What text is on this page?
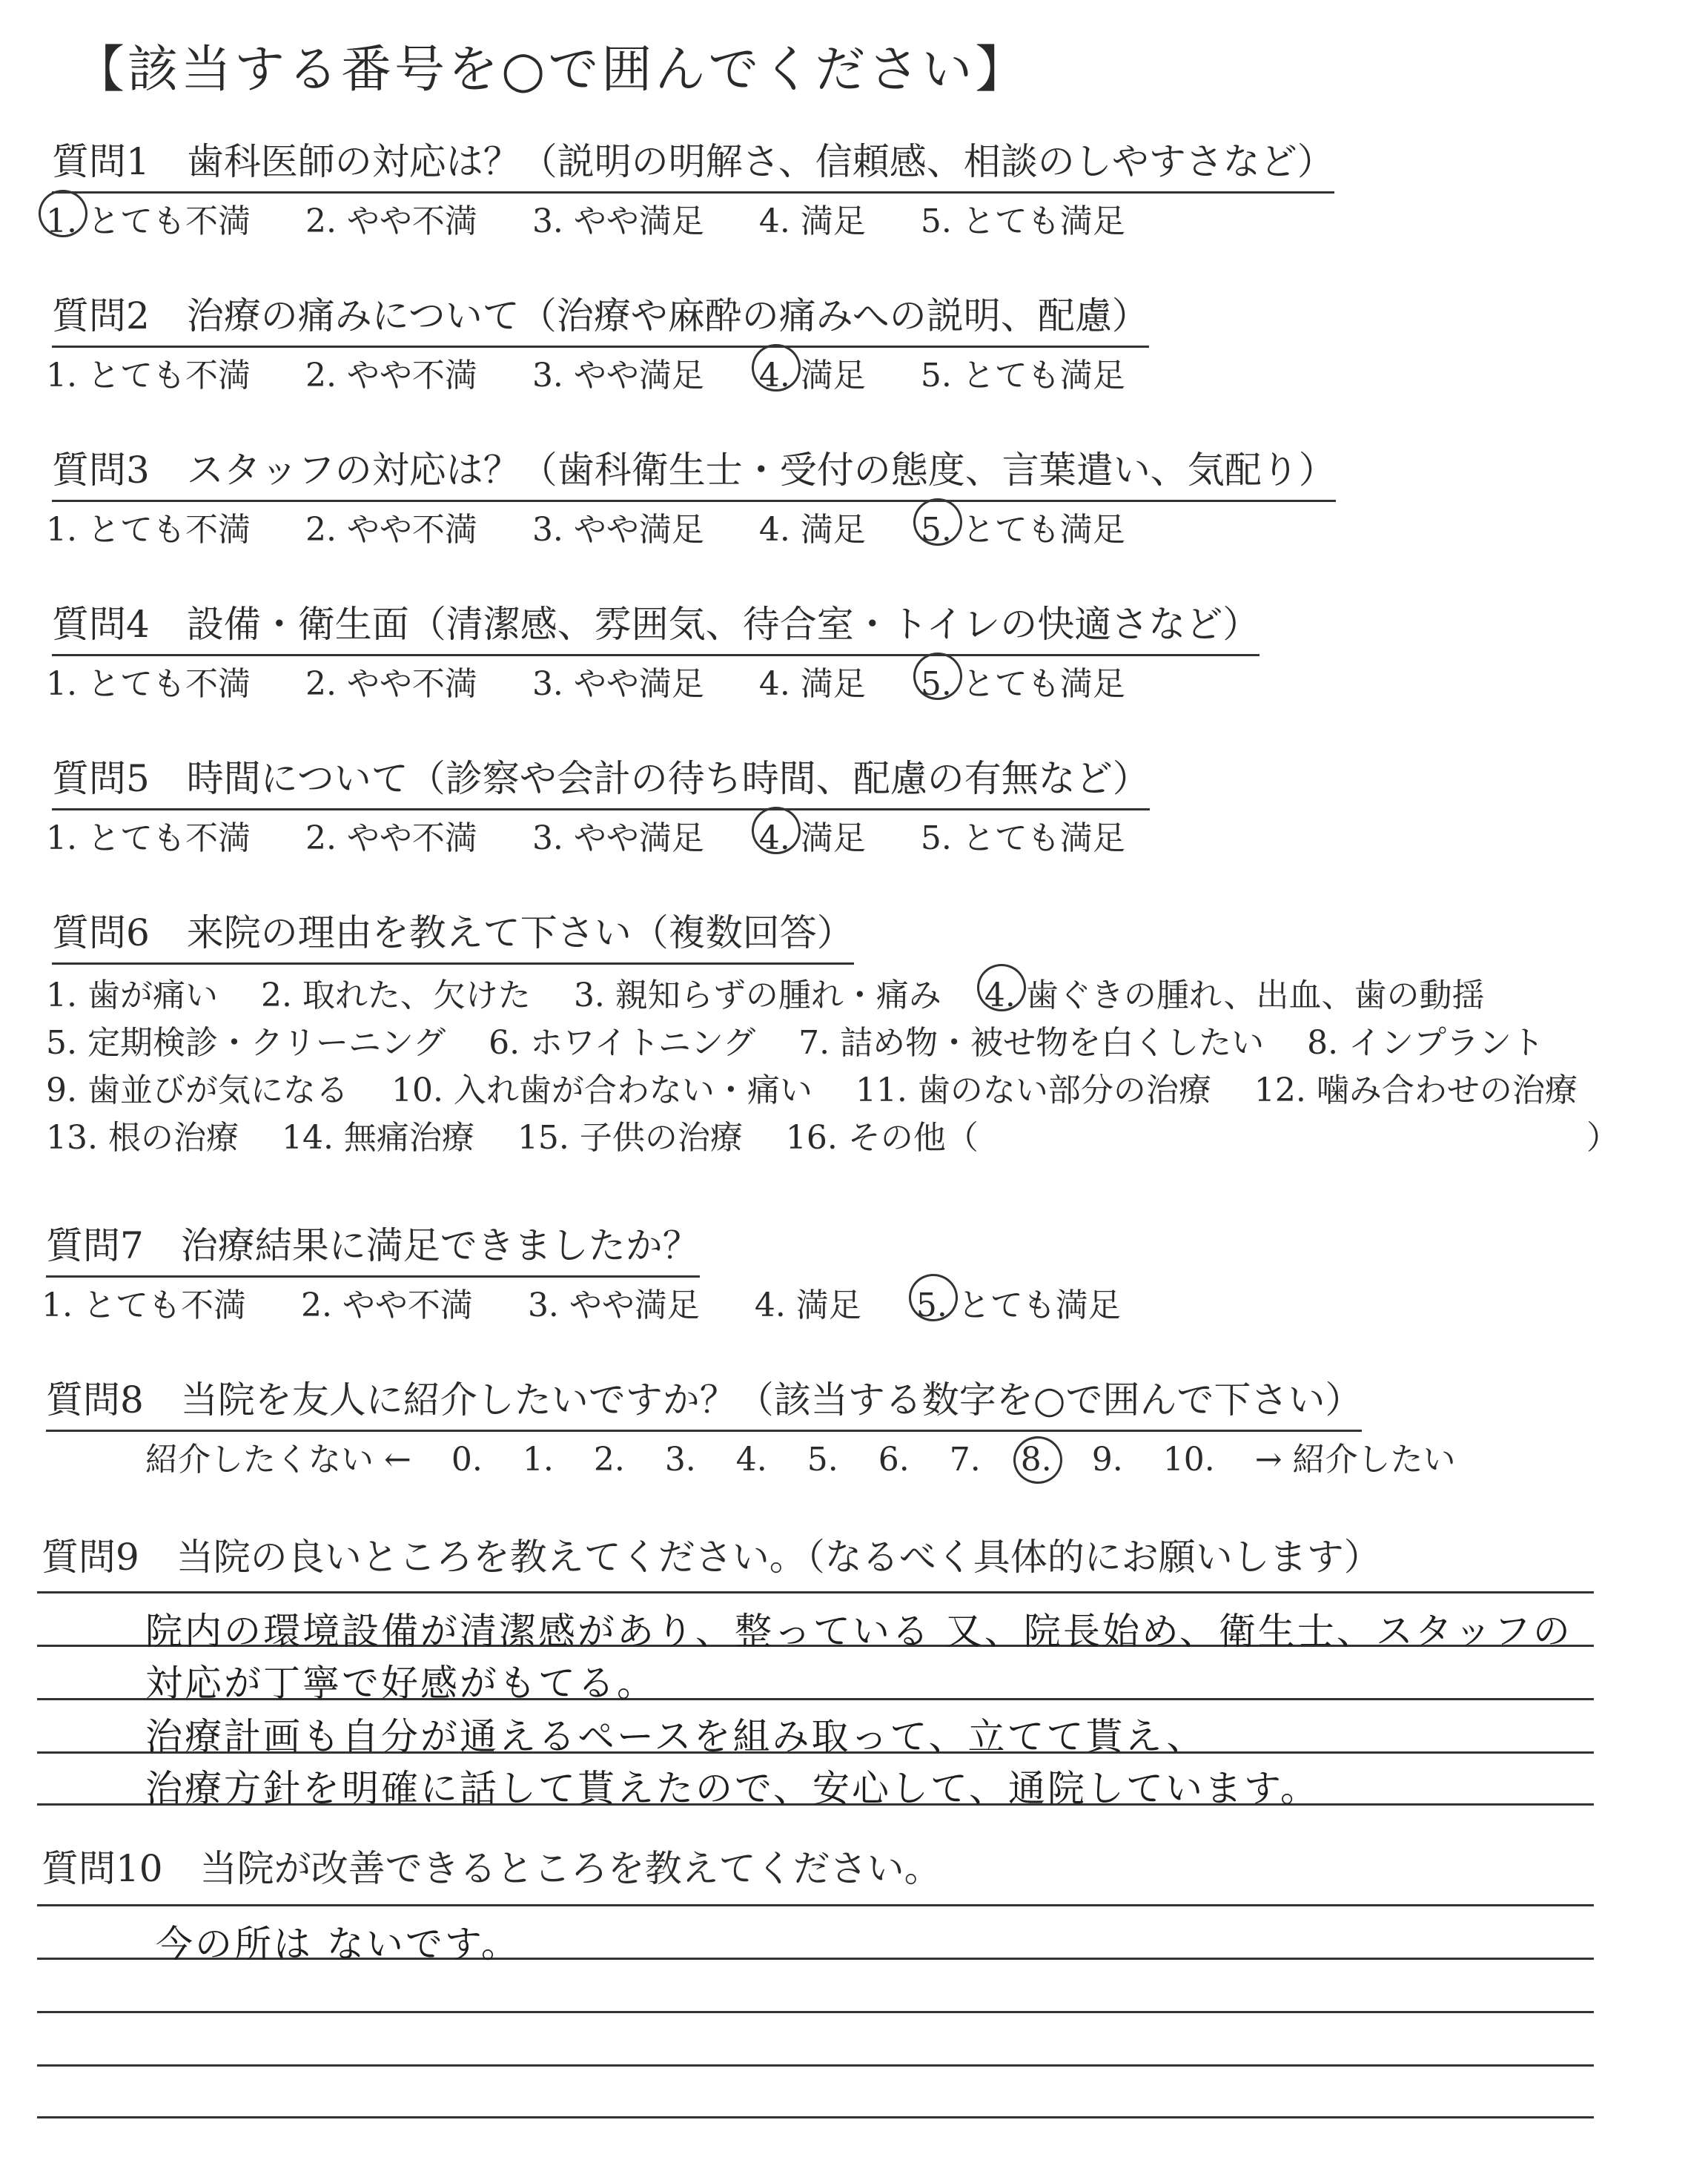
【該当する番号を○で囲んでください】
質問1　歯科医師の対応は？（説明の明解さ、信頼感、相談のしやすさなど）
1. とても不満 2. やや不満 3. やや満足 4. 満足 5. とても満足
質問2　治療の痛みについて（治療や麻酔の痛みへの説明、配慮）
1. とても不満 2. やや不満 3. やや満足 4. 満足 5. とても満足
質問3　スタッフの対応は？（歯科衛生士・受付の態度、言葉遣い、気配り）
1. とても不満 2. やや不満 3. やや満足 4. 満足 5. とても満足
質問4　設備・衛生面（清潔感、雰囲気、待合室・トイレの快適さなど）
1. とても不満 2. やや不満 3. やや満足 4. 満足 5. とても満足
質問5　時間について（診察や会計の待ち時間、配慮の有無など）
1. とても不満 2. やや不満 3. やや満足 4. 満足 5. とても満足
質問6　来院の理由を教えて下さい（複数回答）
1. 歯が痛い 2. 取れた、欠けた 3. 親知らずの腫れ・痛み 4. 歯ぐきの腫れ、出血、歯の動揺
5. 定期検診・クリーニング 6. ホワイトニング 7. 詰め物・被せ物を白くしたい 8. インプラント
9. 歯並びが気になる 10. 入れ歯が合わない・痛い 11. 歯のない部分の治療 12. 噛み合わせの治療
13. 根の治療 14. 無痛治療 15. 子供の治療 16. その他（	）
質問7　治療結果に満足できましたか？
1. とても不満 2. やや不満 3. やや満足 4. 満足 5. とても満足
質問8　当院を友人に紹介したいですか？（該当する数字を○で囲んで下さい）
紹介したくない ← 0. 1. 2. 3. 4. 5. 6. 7. 8. 9. 10. → 紹介したい
質問9　当院の良いところを教えてください。（なるべく具体的にお願いします）
院内の環境設備が清潔感があり、整っている 又、院長始め、衛生士、スタッフの
対応が丁寧で好感がもてる。
治療計画も自分が通えるペースを組み取って、立てて貰え、
治療方針を明確に話して貰えたので、安心して、通院しています。
質問10　当院が改善できるところを教えてください。
今の所は ないです。
